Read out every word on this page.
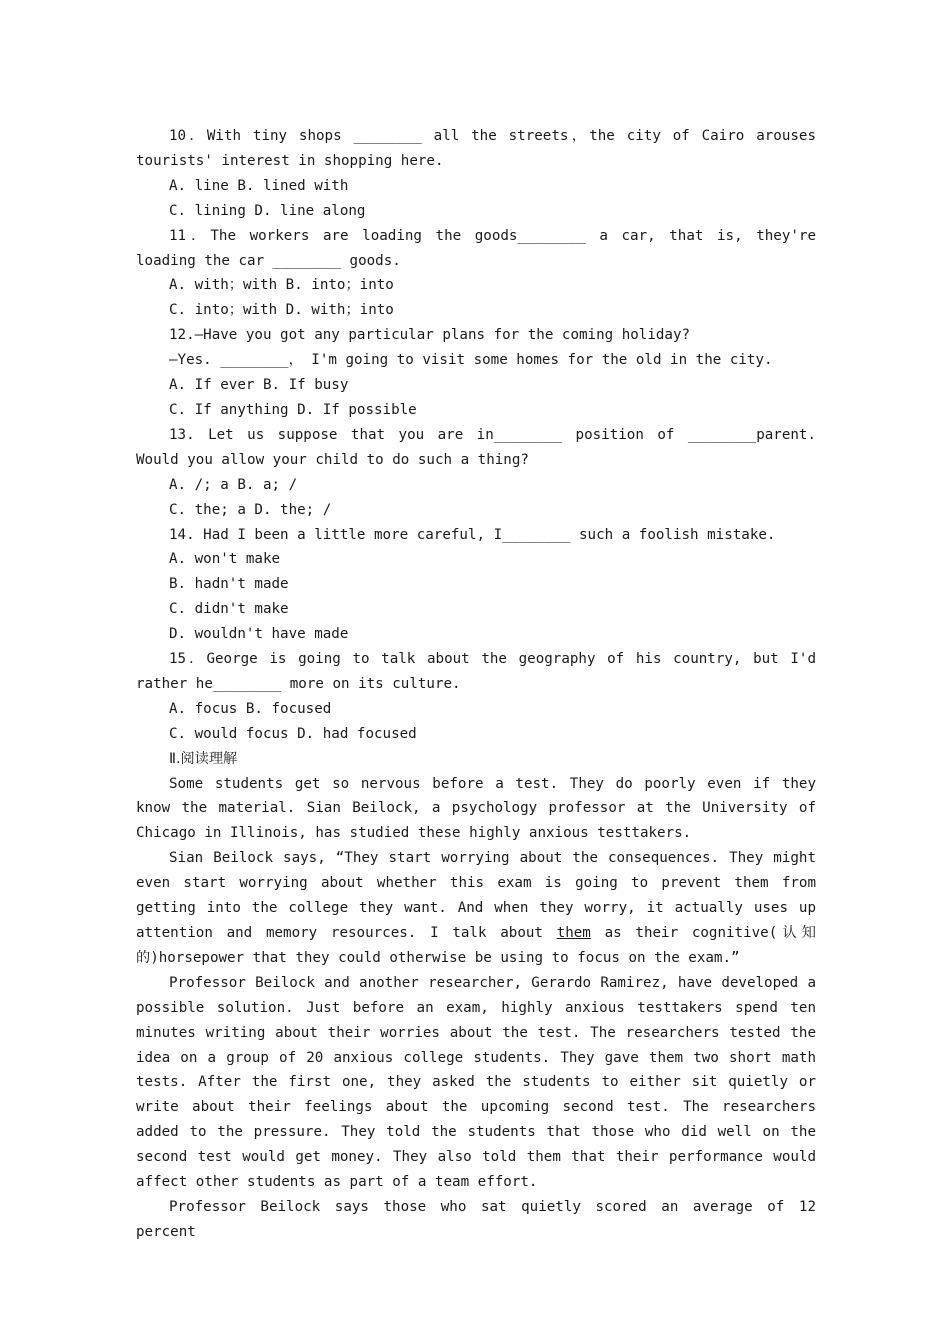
10．With tiny shops ________ all the streets，the city of Cairo arouses tourists' interest in shopping here.

A. line B. lined with

C. lining D. line along

11．The workers are loading the goods________ a car, that is, they're loading the car ________ goods.

A. with；with B. into；into

C. into；with D. with；into

12.—Have you got any particular plans for the coming holiday?

—Yes. ________， I'm going to visit some homes for the old in the city.

A. If ever B. If busy

C. If anything D. If possible

13. Let us suppose that you are in________ position of ________parent. Would you allow your child to do such a thing?

A. /; a B. a; /

C. the; a D. the; /

14. Had I been a little more careful, I________ such a foolish mistake.

A. won't make

B. hadn't made

C. didn't make

D. wouldn't have made

15．George is going to talk about the geography of his country, but I'd rather he________ more on its culture.

A. focus B. focused

C. would focus D. had focused

Ⅱ.阅读理解

Some students get so nervous before a test. They do poorly even if they know the material. Sian Beilock, a psychology professor at the University of Chicago in Illinois, has studied these highly anxious testtakers.

Sian Beilock says, “They start worrying about the consequences. They might even start worrying about whether this exam is going to prevent them from getting into the college they want. And when they worry, it actually uses up attention and memory resources. I talk about them as their cognitive(认知的)horsepower that they could otherwise be using to focus on the exam.”

Professor Beilock and another researcher, Gerardo Ramirez, have developed a possible solution. Just before an exam, highly anxious testtakers spend ten minutes writing about their worries about the test. The researchers tested the idea on a group of 20 anxious college students. They gave them two short math tests. After the first one, they asked the students to either sit quietly or write about their feelings about the upcoming second test. The researchers added to the pressure. They told the students that those who did well on the second test would get money. They also told them that their performance would affect other students as part of a team effort.

Professor Beilock says those who sat quietly scored an average of 12 percent
